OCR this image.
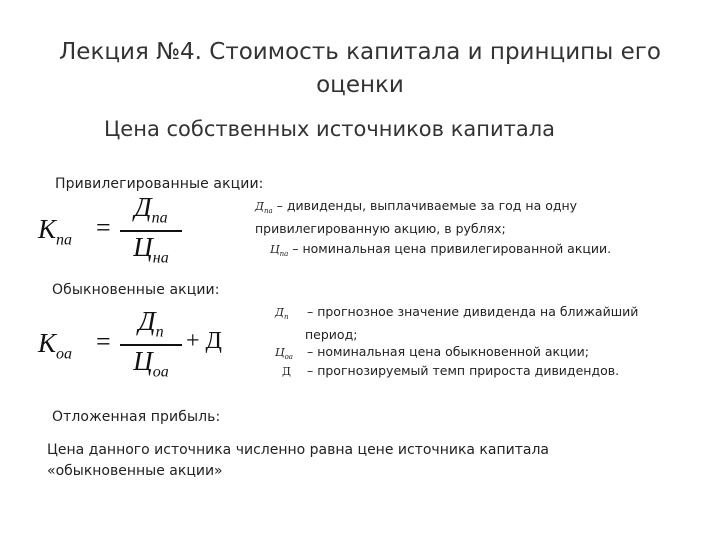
Лекция №4. Стоимость капитала и принципы его
оценки
Цена собственных источников капитала
Привилегированные акции:
$K_{na}$ =
$Д_{na}$
$Ц_{на}$
$Д_{па}$ – дивиденды, выплачиваемые за год на одну
привилегированную акцию, в рублях;
$Ц_{па}$ – номинальная цена привилегированной акции.
Обыкновенные акции:
$K_{oa}$ =
$Д_п$
$Ц_{оа}$
+ Д
$Д_п$ – прогнозное значение дивиденда на ближайший
период;
$Ц_{оа}$ – номинальная цена обыкновенной акции;
Д – прогнозируемый темп прироста дивидендов.
Отложенная прибыль:
Цена данного источника численно равна цене источника капитала
«обыкновенные акции»
